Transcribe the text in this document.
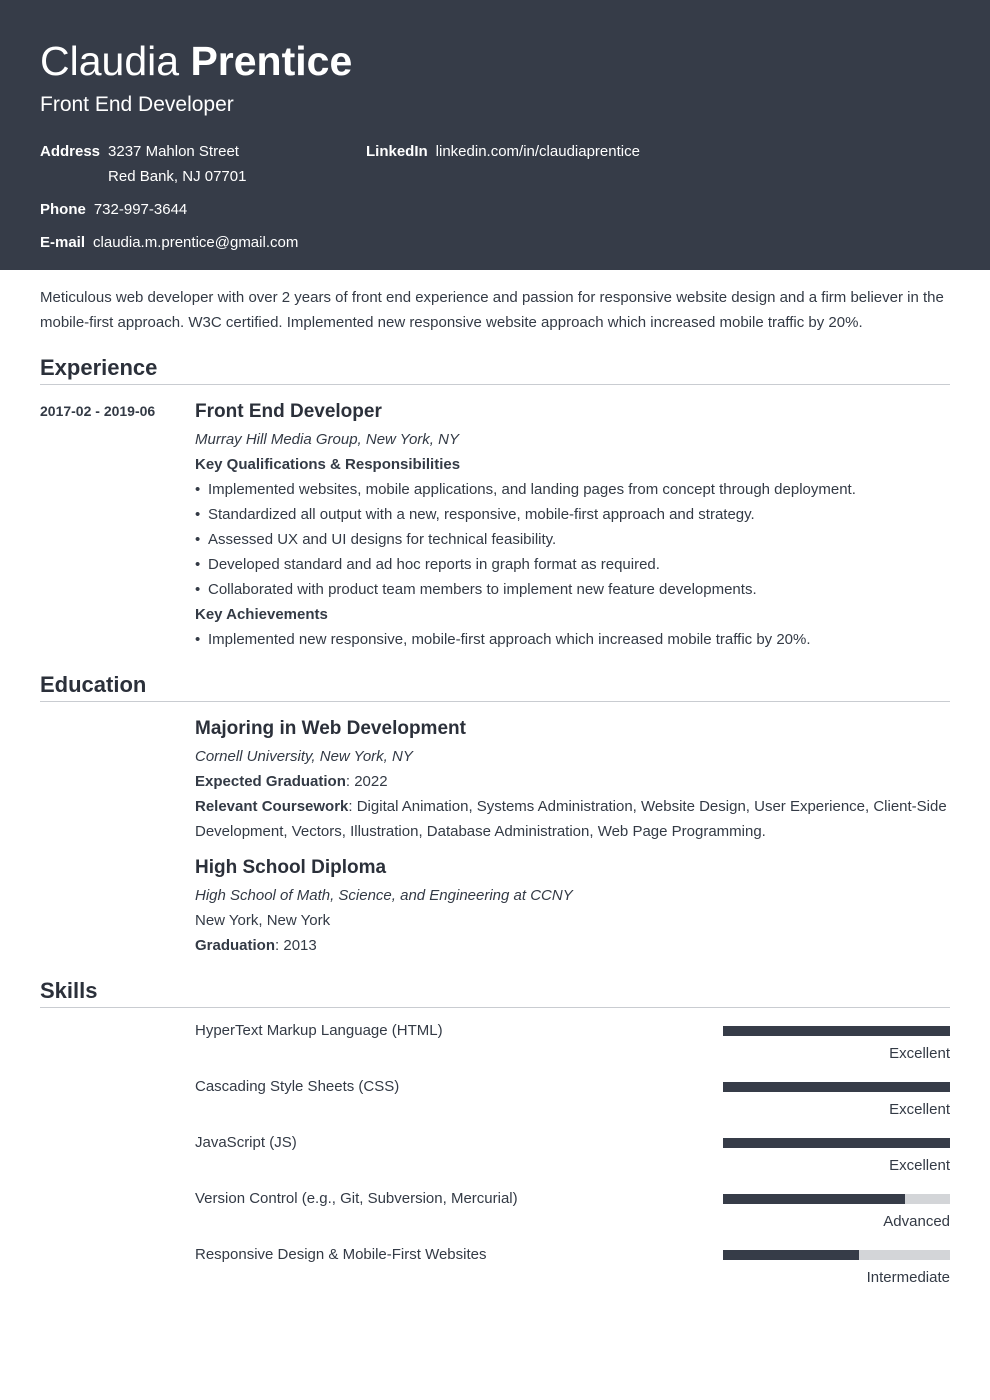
Claudia Prentice
Front End Developer
Address 3237 Mahlon Street
Red Bank, NJ 07701
LinkedIn linkedin.com/in/claudiaprentice
Phone 732-997-3644
E-mail claudia.m.prentice@gmail.com
Meticulous web developer with over 2 years of front end experience and passion for responsive website design and a firm believer in the mobile-first approach. W3C certified. Implemented new responsive website approach which increased mobile traffic by 20%.
Experience
2017-02 - 2019-06	Front End Developer
Murray Hill Media Group, New York, NY
Key Qualifications & Responsibilities
• Implemented websites, mobile applications, and landing pages from concept through deployment.
• Standardized all output with a new, responsive, mobile-first approach and strategy.
• Assessed UX and UI designs for technical feasibility.
• Developed standard and ad hoc reports in graph format as required.
• Collaborated with product team members to implement new feature developments.
Key Achievements
• Implemented new responsive, mobile-first approach which increased mobile traffic by 20%.
Education
Majoring in Web Development
Cornell University, New York, NY
Expected Graduation: 2022
Relevant Coursework: Digital Animation, Systems Administration, Website Design, User Experience, Client-Side Development, Vectors, Illustration, Database Administration, Web Page Programming.
High School Diploma
High School of Math, Science, and Engineering at CCNY
New York, New York
Graduation: 2013
Skills
HyperText Markup Language (HTML)
Excellent
Cascading Style Sheets (CSS)
Excellent
JavaScript (JS)
Excellent
Version Control (e.g., Git, Subversion, Mercurial)
Advanced
Responsive Design & Mobile-First Websites
Intermediate
